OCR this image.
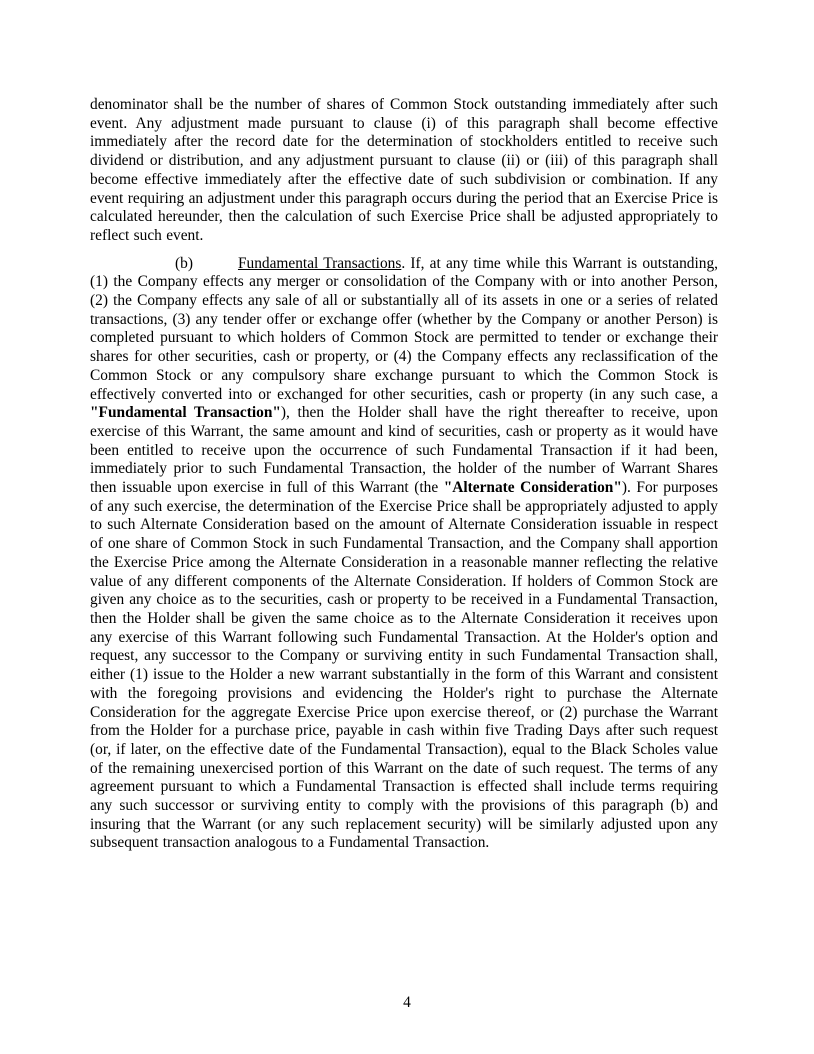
denominator shall be the number of shares of Common Stock outstanding immediately after such event. Any adjustment made pursuant to clause (i) of this paragraph shall become effective immediately after the record date for the determination of stockholders entitled to receive such dividend or distribution, and any adjustment pursuant to clause (ii) or (iii) of this paragraph shall become effective immediately after the effective date of such subdivision or combination. If any event requiring an adjustment under this paragraph occurs during the period that an Exercise Price is calculated hereunder, then the calculation of such Exercise Price shall be adjusted appropriately to reflect such event.

(b)	Fundamental Transactions. If, at any time while this Warrant is outstanding, (1) the Company effects any merger or consolidation of the Company with or into another Person, (2) the Company effects any sale of all or substantially all of its assets in one or a series of related transactions, (3) any tender offer or exchange offer (whether by the Company or another Person) is completed pursuant to which holders of Common Stock are permitted to tender or exchange their shares for other securities, cash or property, or (4) the Company effects any reclassification of the Common Stock or any compulsory share exchange pursuant to which the Common Stock is effectively converted into or exchanged for other securities, cash or property (in any such case, a "Fundamental Transaction"), then the Holder shall have the right thereafter to receive, upon exercise of this Warrant, the same amount and kind of securities, cash or property as it would have been entitled to receive upon the occurrence of such Fundamental Transaction if it had been, immediately prior to such Fundamental Transaction, the holder of the number of Warrant Shares then issuable upon exercise in full of this Warrant (the "Alternate Consideration"). For purposes of any such exercise, the determination of the Exercise Price shall be appropriately adjusted to apply to such Alternate Consideration based on the amount of Alternate Consideration issuable in respect of one share of Common Stock in such Fundamental Transaction, and the Company shall apportion the Exercise Price among the Alternate Consideration in a reasonable manner reflecting the relative value of any different components of the Alternate Consideration. If holders of Common Stock are given any choice as to the securities, cash or property to be received in a Fundamental Transaction, then the Holder shall be given the same choice as to the Alternate Consideration it receives upon any exercise of this Warrant following such Fundamental Transaction. At the Holder's option and request, any successor to the Company or surviving entity in such Fundamental Transaction shall, either (1) issue to the Holder a new warrant substantially in the form of this Warrant and consistent with the foregoing provisions and evidencing the Holder's right to purchase the Alternate Consideration for the aggregate Exercise Price upon exercise thereof, or (2) purchase the Warrant from the Holder for a purchase price, payable in cash within five Trading Days after such request (or, if later, on the effective date of the Fundamental Transaction), equal to the Black Scholes value of the remaining unexercised portion of this Warrant on the date of such request. The terms of any agreement pursuant to which a Fundamental Transaction is effected shall include terms requiring any such successor or surviving entity to comply with the provisions of this paragraph (b) and insuring that the Warrant (or any such replacement security) will be similarly adjusted upon any subsequent transaction analogous to a Fundamental Transaction.

4
